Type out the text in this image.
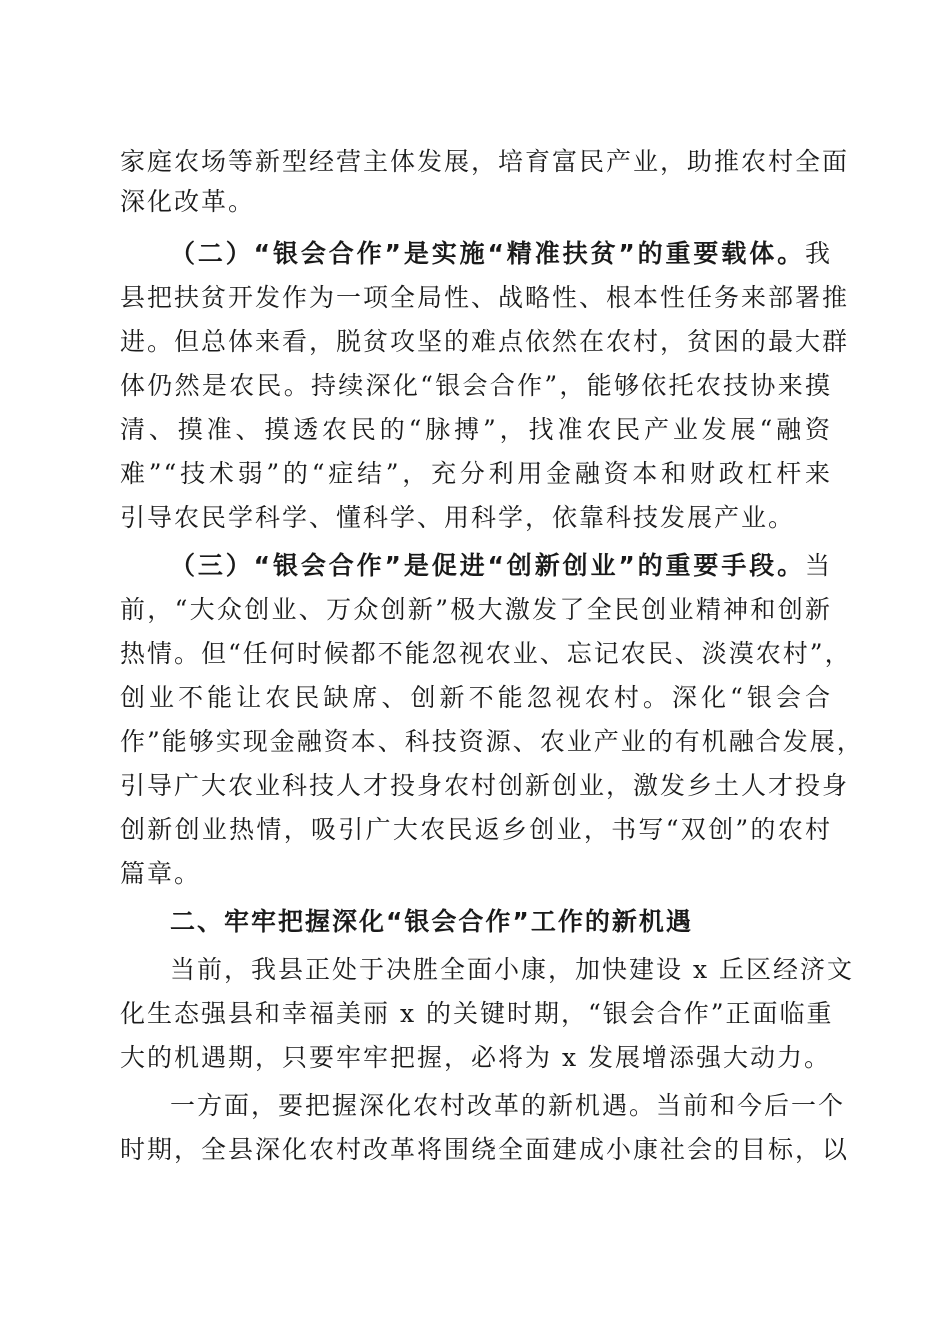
家庭农场等新型经营主体发展，培育富民产业，助推农村全面
深化改革。
（二）“银会合作”是实施“精准扶贫”的重要载体。我
县把扶贫开发作为一项全局性、战略性、根本性任务来部署推
进。但总体来看，脱贫攻坚的难点依然在农村，贫困的最大群
体仍然是农民。持续深化“银会合作”，能够依托农技协来摸
清、摸准、摸透农民的“脉搏”，找准农民产业发展“融资
难”“技术弱”的“症结”，充分利用金融资本和财政杠杆来
引导农民学科学、懂科学、用科学，依靠科技发展产业。
（三）“银会合作”是促进“创新创业”的重要手段。当
前，“大众创业、万众创新”极大激发了全民创业精神和创新
热情。但“任何时候都不能忽视农业、忘记农民、淡漠农村”，
创业不能让农民缺席、创新不能忽视农村。深化“银会合
作”能够实现金融资本、科技资源、农业产业的有机融合发展，
引导广大农业科技人才投身农村创新创业，激发乡土人才投身
创新创业热情，吸引广大农民返乡创业，书写“双创”的农村
篇章。
二、牢牢把握深化“银会合作”工作的新机遇
当前，我县正处于决胜全面小康，加快建设 x 丘区经济文
化生态强县和幸福美丽 x 的关键时期，“银会合作”正面临重
大的机遇期，只要牢牢把握，必将为 x 发展增添强大动力。
一方面，要把握深化农村改革的新机遇。当前和今后一个
时期，全县深化农村改革将围绕全面建成小康社会的目标，以
